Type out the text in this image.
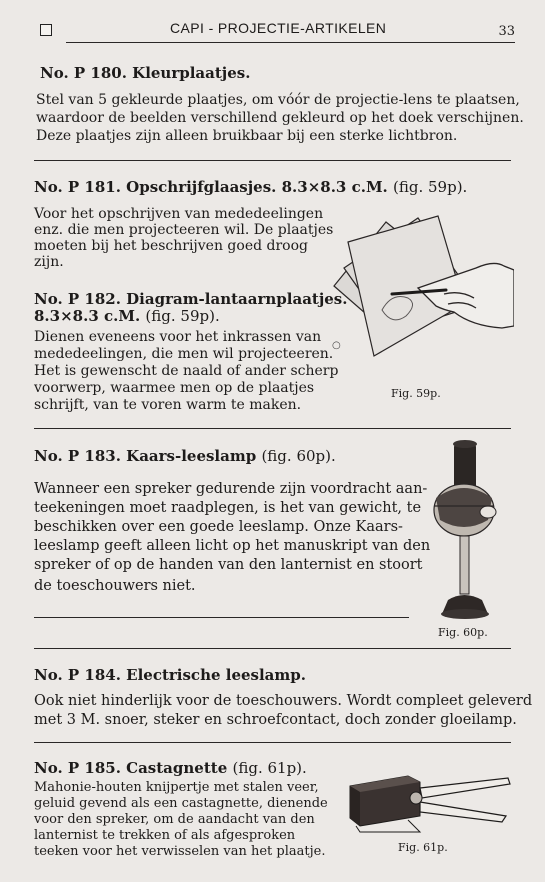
CAPI - PROJECTIE-ARTIKELEN	33
No. P 180. Kleurplaatjes.
Stel van 5 gekleurde plaatjes, om vóór de projectie-lens te plaatsen,
waardoor de beelden verschillend gekleurd op het doek verschijnen.
Deze plaatjes zijn alleen bruikbaar bij een sterke lichtbron.
No. P 181. Opschrijfglaasjes. 8.3×8.3 c.M. (fig. 59p).
Voor het opschrijven van mededeelingen
enz. die men projecteeren wil. De plaatjes
moeten bij het beschrijven goed droog
zijn.
No. P 182. Diagram-lantaarnplaatjes.
8.3×8.3 c.M. (fig. 59p).
Dienen eveneens voor het inkrassen van
mededeelingen, die men wil projecteeren.
Het is gewenscht de naald of ander scherp
voorwerp, waarmee men op de plaatjes
schrijft, van te voren warm te maken.
○
Fig. 59p.
No. P 183. Kaars-leeslamp (fig. 60p).
Wanneer een spreker gedurende zijn voordracht aan-
teekeningen moet raadplegen, is het van gewicht, te
beschikken over een goede leeslamp. Onze Kaars-
leeslamp geeft alleen licht op het manuskript van den
spreker of op de handen van den lanternist en stoort
de toeschouwers niet.
Fig. 60p.
No. P 184. Electrische leeslamp.
Ook niet hinderlijk voor de toeschouwers. Wordt compleet geleverd
met 3 M. snoer, steker en schroefcontact, doch zonder gloeilamp.
No. P 185. Castagnette (fig. 61p).
Mahonie-houten knijpertje met stalen veer,
geluid gevend als een castagnette, dienende
voor den spreker, om de aandacht van den
lanternist te trekken of als afgesproken
teeken voor het verwisselen van het plaatje.	Fig. 61p.
